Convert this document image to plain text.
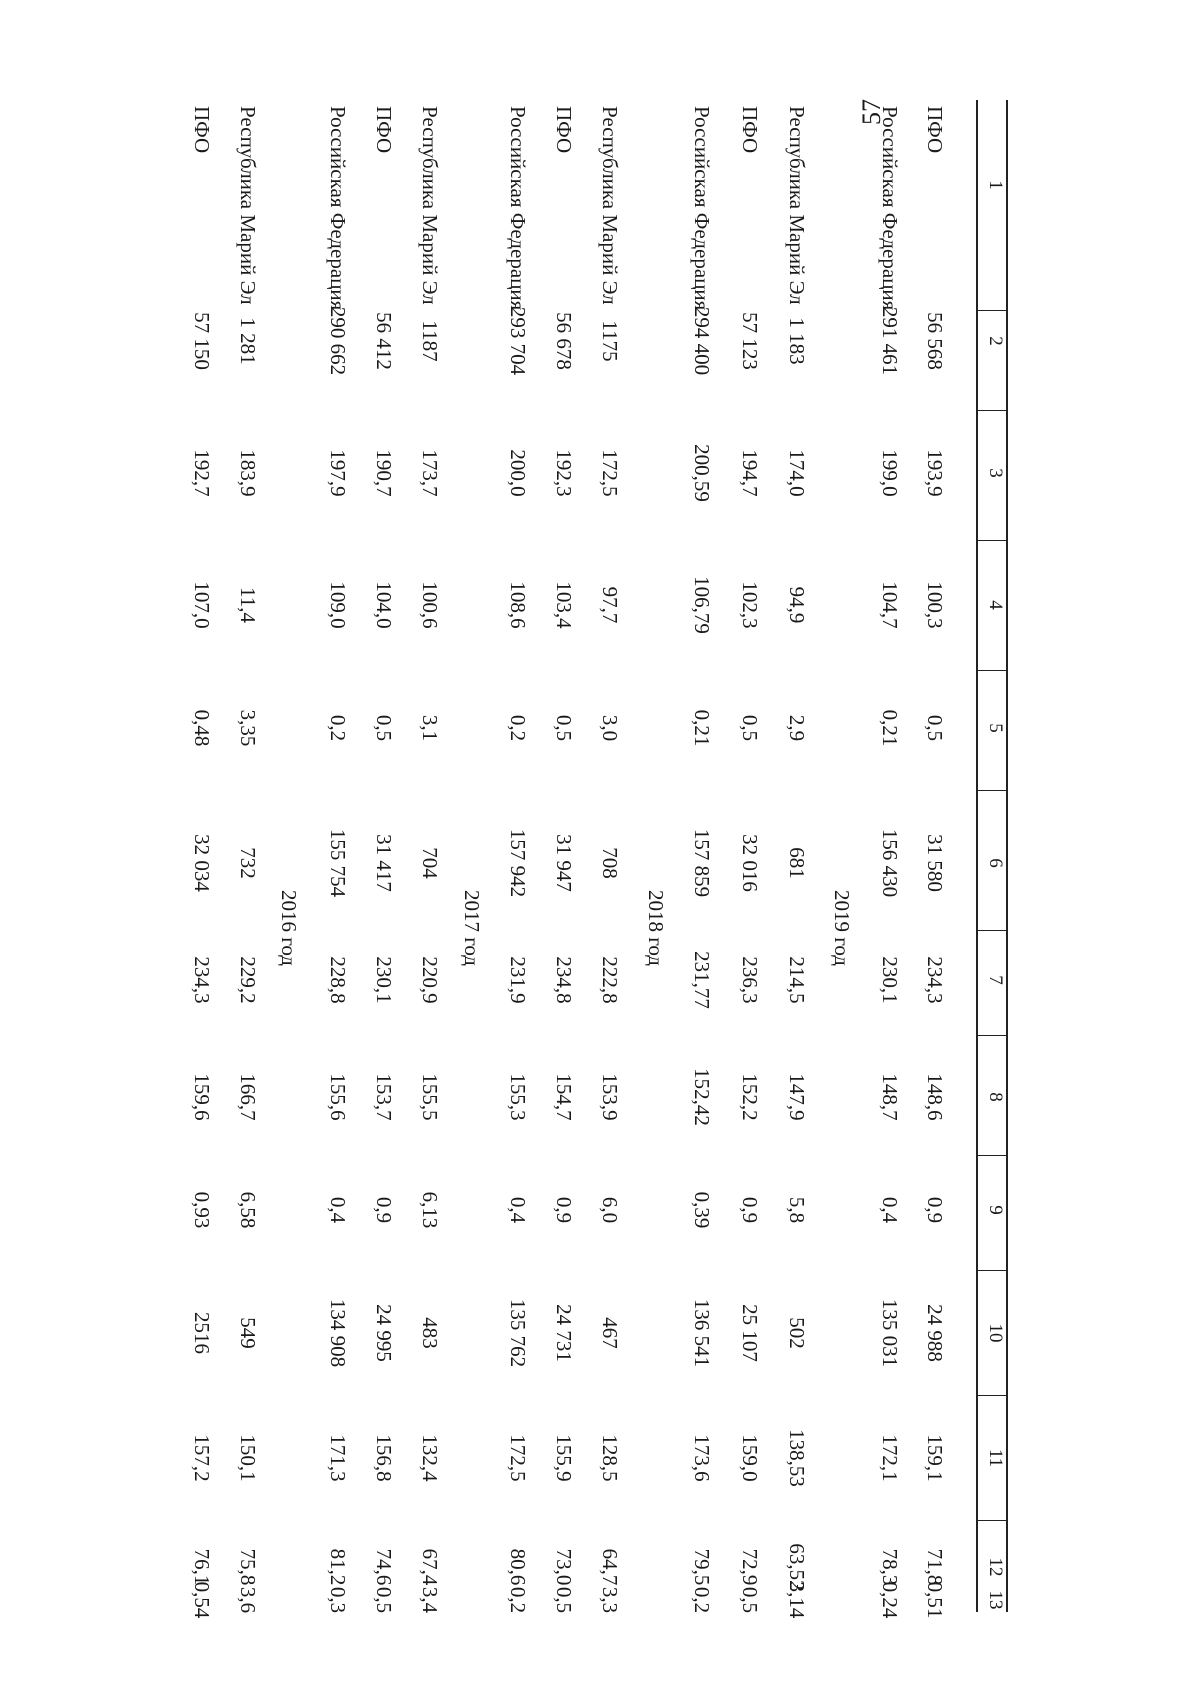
57
1
2
3
4
5
6
7
8
9
10
11
12
13
ПФО
56 568
193,9
100,3
0,5
31 580
234,3
148,6
0,9
24 988
159,1
71,8
0,51
Российская Федерация
291 461
199,0
104,7
0,21
156 430
230,1
148,7
0,4
135 031
172,1
78,3
0,24
2019 год
Республика Марий Эл
1 183
174,0
94,9
2,9
681
214,5
147,9
5,8
502
138,53
63,52
3,14
ПФО
57 123
194,7
102,3
0,5
32 016
236,3
152,2
0,9
25 107
159,0
72,9
0,5
Российская Федерация
294 400
200,59
106,79
0,21
157 859
231,77
152,42
0,39
136 541
173,6
79,5
0,2
2018 год
Республика Марий Эл
1175
172,5
97,7
3,0
708
222,8
153,9
6,0
467
128,5
64,7
3,3
ПФО
56 678
192,3
103,4
0,5
31 947
234,8
154,7
0,9
24 731
155,9
73,0
0,5
Российская Федерация
293 704
200,0
108,6
0,2
157 942
231,9
155,3
0,4
135 762
172,5
80,6
0,2
2017 год
Республика Марий Эл
1187
173,7
100,6
3,1
704
220,9
155,5
6,13
483
132,4
67,4
3,4
ПФО
56 412
190,7
104,0
0,5
31 417
230,1
153,7
0,9
24 995
156,8
74,6
0,5
Российская Федерация
290 662
197,9
109,0
0,2
155 754
228,8
155,6
0,4
134 908
171,3
81,2
0,3
2016 год
Республика Марий Эл
1 281
183,9
11,4
3,35
732
229,2
166,7
6,58
549
150,1
75,8
3,6
ПФО
57 150
192,7
107,0
0,48
32 034
234,3
159,6
0,93
2516
157,2
76,1
0,54
